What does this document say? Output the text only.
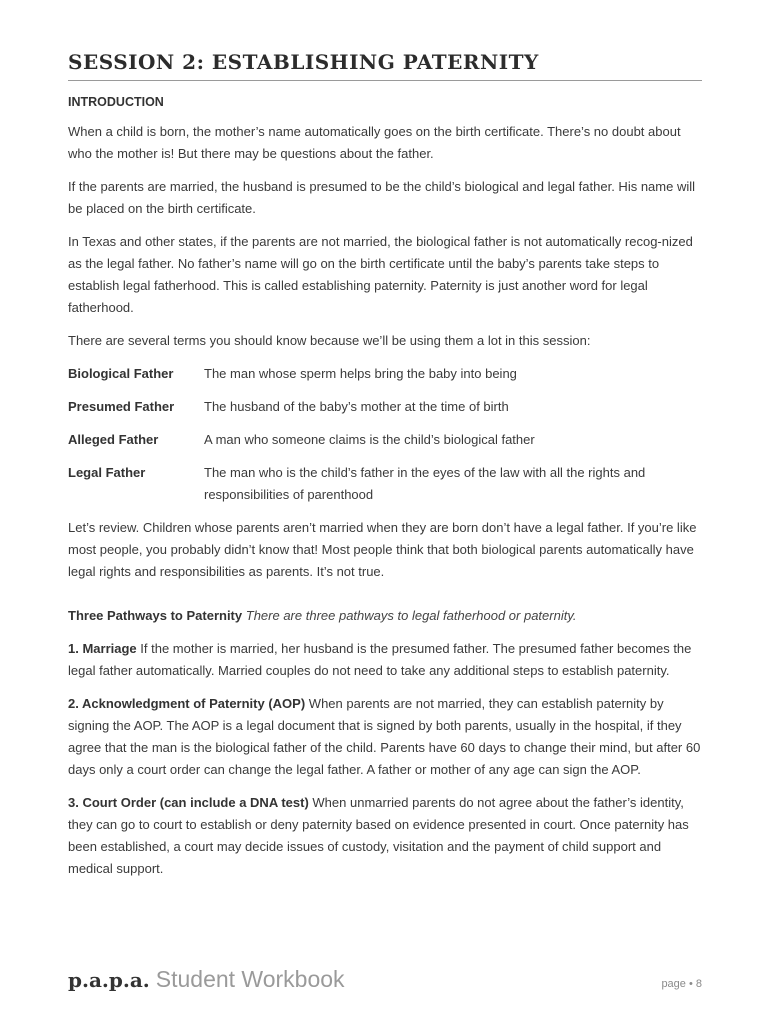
SESSION 2: ESTABLISHING PATERNITY
INTRODUCTION

When a child is born, the mother’s name automatically goes on the birth certificate. There’s no doubt about who the mother is! But there may be questions about the father.

If the parents are married, the husband is presumed to be the child’s biological and legal father. His name will be placed on the birth certificate.

In Texas and other states, if the parents are not married, the biological father is not automatically recog-nized as the legal father. No father’s name will go on the birth certificate until the baby’s parents take steps to establish legal fatherhood. This is called establishing paternity. Paternity is just another word for legal fatherhood.

There are several terms you should know because we’ll be using them a lot in this session:

Biological Father	The man whose sperm helps bring the baby into being
Presumed Father	The husband of the baby’s mother at the time of birth
Alleged Father	A man who someone claims is the child’s biological father
Legal Father	The man who is the child’s father in the eyes of the law with all the rights and responsibilities of parenthood

Let’s review. Children whose parents aren’t married when they are born don’t have a legal father. If you’re like most people, you probably didn’t know that! Most people think that both biological parents automatically have legal rights and responsibilities as parents. It’s not true.

Three Pathways to Paternity There are three pathways to legal fatherhood or paternity.

1. Marriage If the mother is married, her husband is the presumed father. The presumed father becomes the legal father automatically. Married couples do not need to take any additional steps to establish paternity.

2. Acknowledgment of Paternity (AOP) When parents are not married, they can establish paternity by signing the AOP. The AOP is a legal document that is signed by both parents, usually in the hospital, if they agree that the man is the biological father of the child. Parents have 60 days to change their mind, but after 60 days only a court order can change the legal father. A father or mother of any age can sign the AOP.

3. Court Order (can include a DNA test) When unmarried parents do not agree about the father’s identity, they can go to court to establish or deny paternity based on evidence presented in court. Once paternity has been established, a court may decide issues of custody, visitation and the payment of child support and medical support.

p.a.p.a. Student Workbook	page • 8
